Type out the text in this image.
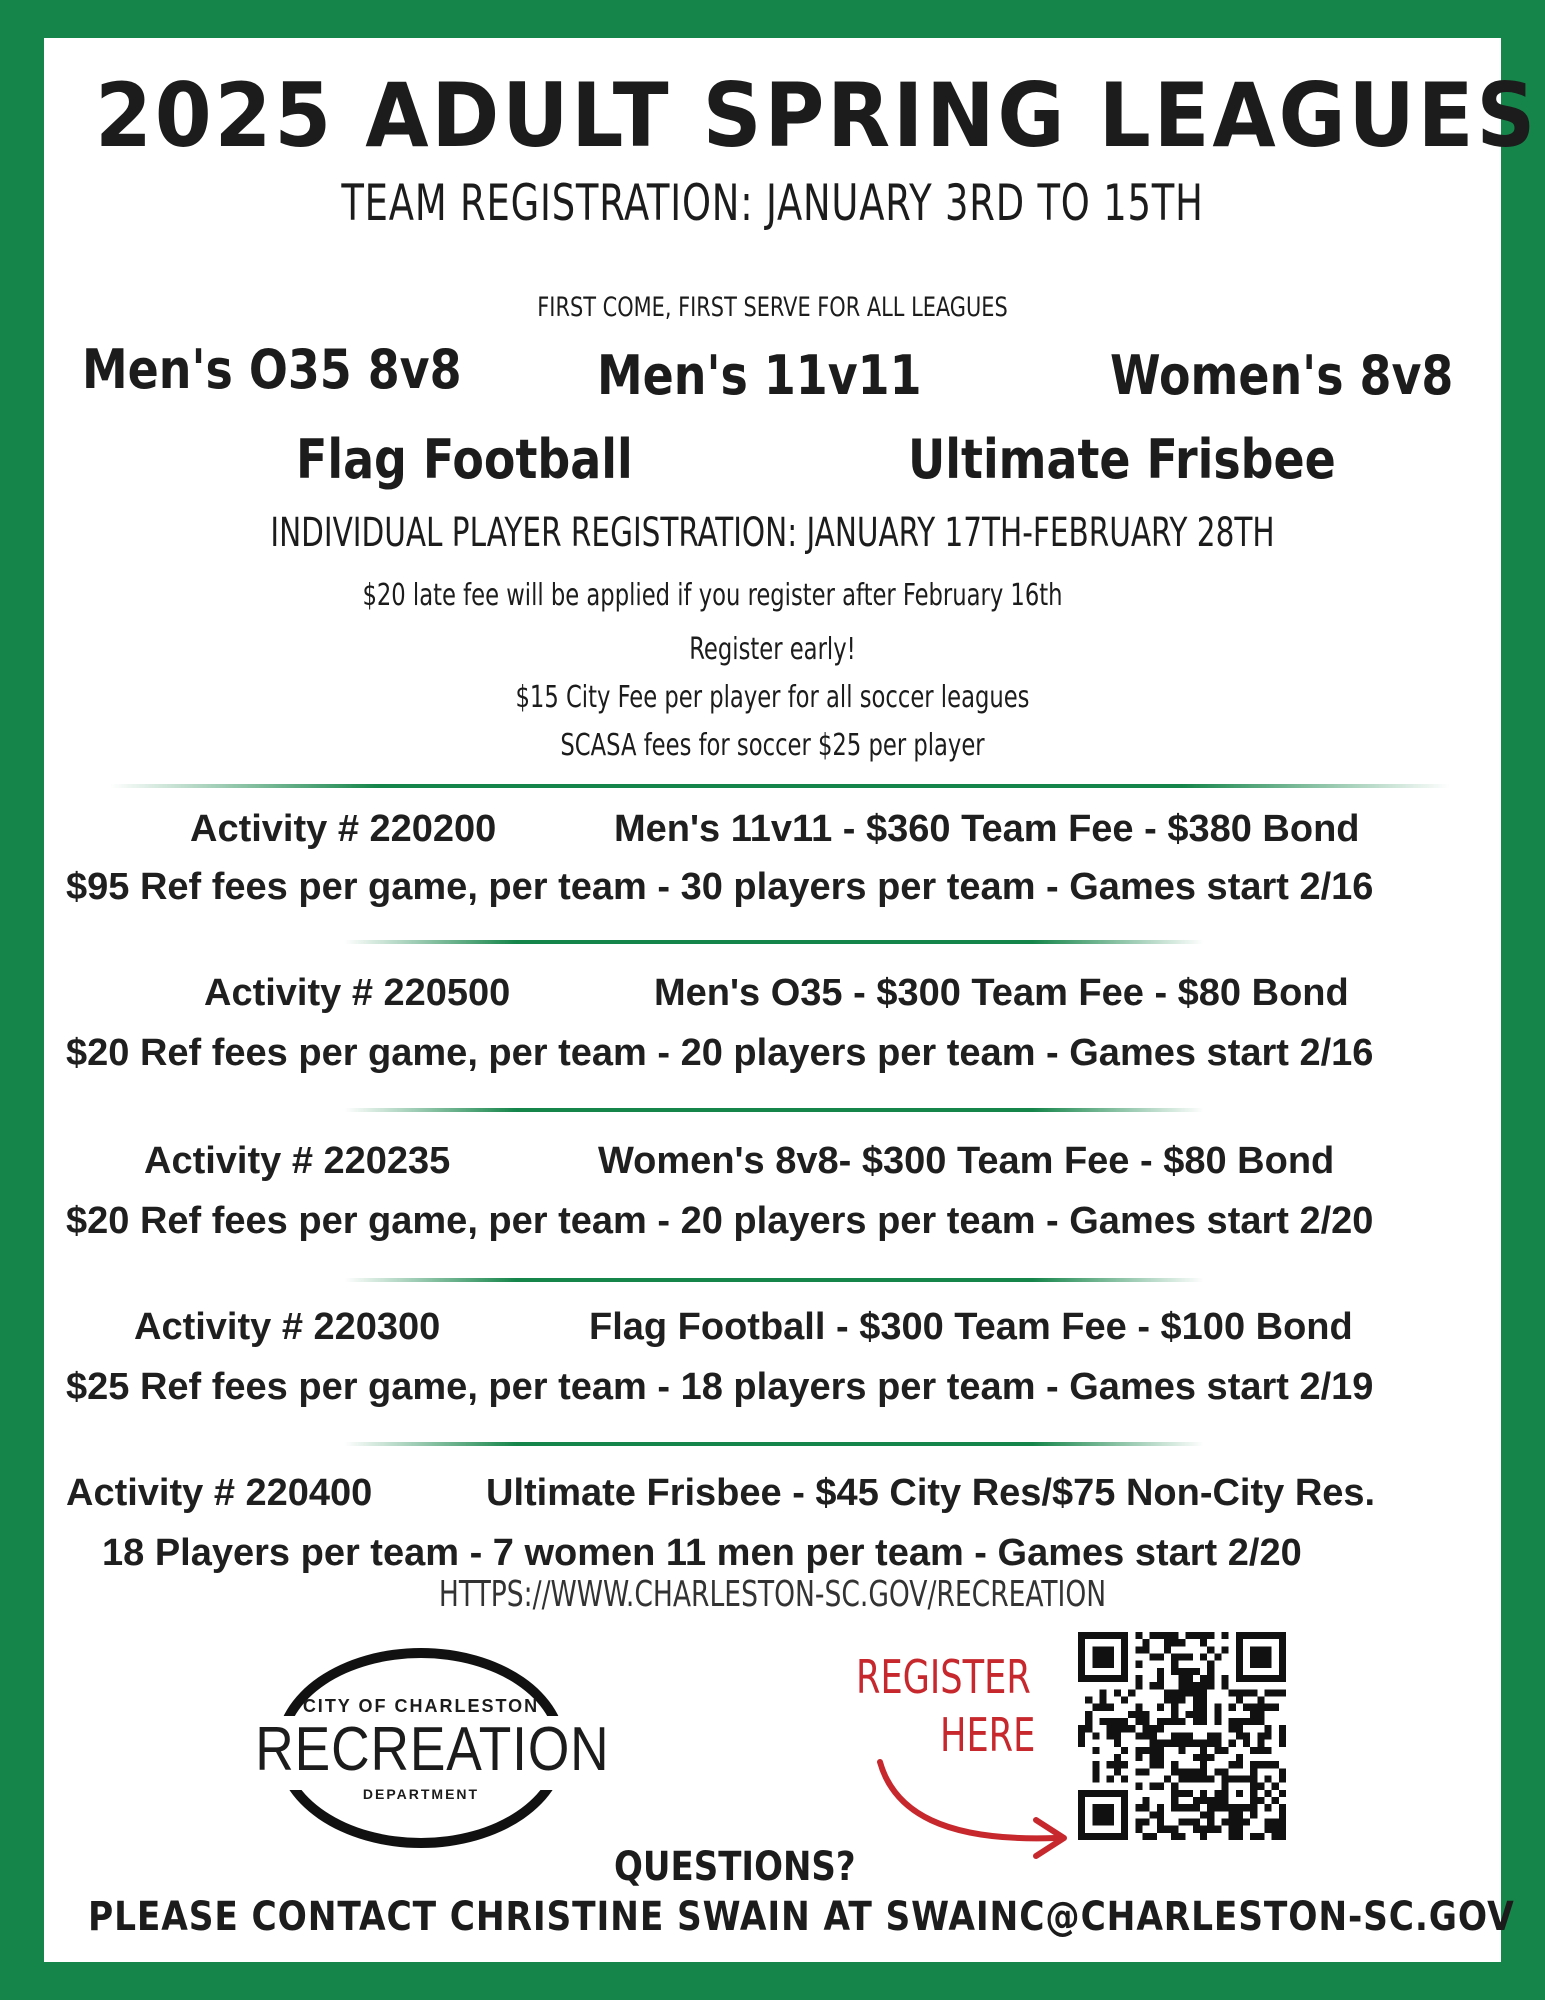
2025 ADULT SPRING LEAGUES
TEAM REGISTRATION: JANUARY 3RD TO 15TH
FIRST COME, FIRST SERVE FOR ALL LEAGUES
Men's O35 8v8	Men's 11v11	Women's 8v8
Flag Football	Ultimate Frisbee
INDIVIDUAL PLAYER REGISTRATION: JANUARY 17TH-FEBRUARY 28TH
$20 late fee will be applied if you register after February 16th
Register early!
$15 City Fee per player for all soccer leagues
SCASA fees for soccer $25 per player
Activity # 220200	Men's 11v11 - $360 Team Fee - $380 Bond
$95 Ref fees per game, per team - 30 players per team - Games start 2/16
Activity # 220500	Men's O35 - $300 Team Fee - $80 Bond
$20 Ref fees per game, per team - 20 players per team - Games start 2/16
Activity # 220235	Women's 8v8- $300 Team Fee - $80 Bond
$20 Ref fees per game, per team - 20 players per team - Games start 2/20
Activity # 220300	Flag Football - $300 Team Fee - $100 Bond
$25 Ref fees per game, per team - 18 players per team - Games start 2/19
Activity # 220400	Ultimate Frisbee - $45 City Res/$75 Non-City Res.
18 Players per team - 7 women 11 men per team - Games start 2/20
HTTPS://WWW.CHARLESTON-SC.GOV/RECREATION
CITY OF CHARLESTON
RECREATION
DEPARTMENT
REGISTER
HERE
QUESTIONS?
PLEASE CONTACT CHRISTINE SWAIN AT SWAINC@CHARLESTON-SC.GOV
